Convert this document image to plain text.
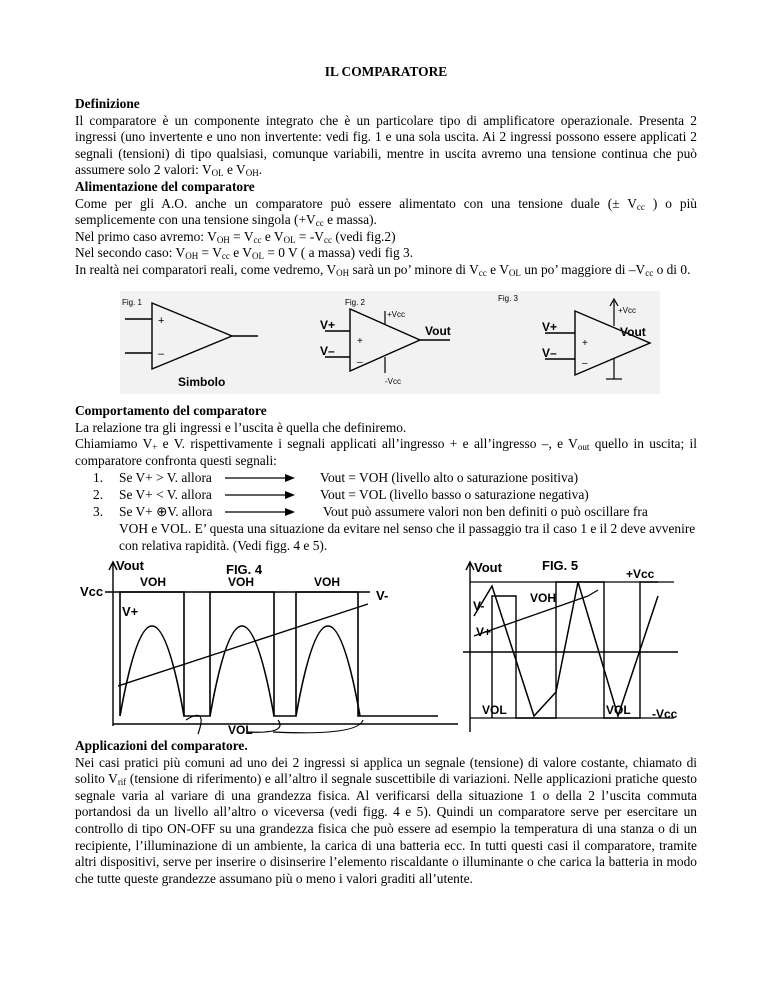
IL COMPARATORE

Definizione

Il comparatore è un componente integrato che è un particolare tipo di amplificatore operazionale. Presenta 2 ingressi (uno invertente e uno non invertente: vedi fig. 1 e una sola uscita. Ai 2 ingressi possono essere applicati 2 segnali (tensioni) di tipo qualsiasi, comunque variabili, mentre in uscita avremo una tensione continua che può assumere solo 2 valori: $V_{OL}$ e $V_{OH}$.

Alimentazione del comparatore

Come per gli A.O. anche un comparatore può essere alimentato con una tensione duale (± $V_{cc}$ ) o più semplicemente con una tensione singola ($+V_{cc}$ e massa).

Nel primo caso avremo: $V_{OH} = V_{cc}$ e $V_{OL} = -V_{cc}$ (vedi fig.2)

Nel secondo caso: $V_{OH} = V_{cc}$ e $V_{OL} = 0$ V ( a massa) vedi fig 3.

In realtà nei comparatori reali, come vedremo, $V_{OH}$ sarà un po’ minore di $V_{cc}$ e $V_{OL}$ un po’ maggiore di $-V_{cc}$ o di 0.

Fig. 1
+
–
Simbolo
Fig. 2
+Vcc
-Vcc
V+
V–
+
–
Vout
Fig. 3
+Vcc
V+
V–
+
–
Vout

Comportamento del comparatore

La relazione tra gli ingressi e l’uscita è quella che definiremo.

Chiamiamo $V_+$ e V. rispettivamente i segnali applicati all’ingresso + e all’ingresso –, e $V_{out}$ quello in uscita; il comparatore confronta questi segnali:

1. Se V+ > V. allora	Vout = VOH (livello alto o saturazione positiva)
2. Se V+ < V. allora	Vout = VOL (livello basso o saturazione negativa)
3. Se V+ ⊕V. allora	Vout può assumere valori non ben definiti o può oscillare fra
VOH e VOL. E’ questa una situazione da evitare nel senso che il passaggio tra il caso 1 e il 2 deve avvenire con relativa rapidità. (Vedi figg. 4 e 5).
FIG. 4
Vout
Vcc
VOH	VOH	VOH
V+
V-
VOL
FIG. 5
Vout	+Vcc
VOH
V-
V+
VOL	VOL -Vcc

Applicazioni del comparatore.

Nei casi pratici più comuni ad uno dei 2 ingressi si applica un segnale (tensione) di valore costante, chiamato di solito $V_{rif}$ (tensione di riferimento) e all’altro il segnale suscettibile di variazioni. Nelle applicazioni pratiche questo segnale varia al variare di una grandezza fisica. Al verificarsi della situazione 1 o della 2 l’uscita commuta portandosi da un livello all’altro o viceversa (vedi figg. 4 e 5). Quindi un comparatore serve per esercitare un controllo di tipo ON-OFF su una grandezza fisica che può essere ad esempio la temperatura di una stanza o di un recipiente, l’illuminazione di un ambiente, la carica di una batteria ecc. In tutti questi casi il comparatore, tramite altri dispositivi, serve per inserire o disinserire l’elemento riscaldante o illuminante o che carica la batteria in modo che tutte queste grandezze assumano più o meno i valori graditi all’utente.
